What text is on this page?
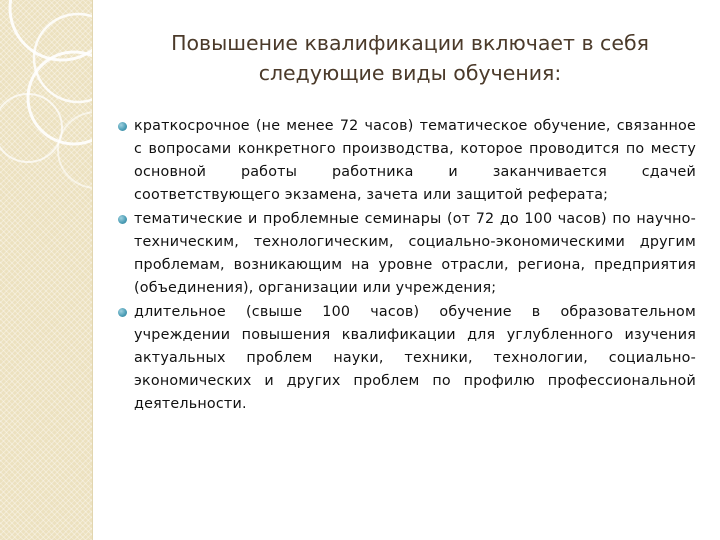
Повышение квалификации включает в себя
следующие виды обучения:
краткосрочное (не менее 72 часов) тематическое обучение, связанное с вопросами конкретного производства, которое проводится по месту основной работы работника и заканчивается сдачей соответствующего экзамена, зачета или защитой реферата;
тематические и проблемные семинары (от 72 до 100 часов) по научно-техническим, технологическим, социально-экономическими другим проблемам, возникающим на уровне отрасли, региона, предприятия (объединения), организации или учреждения;
длительное (свыше 100 часов) обучение в образовательном учреждении повышения квалификации для углубленного изучения актуальных проблем науки, техники, технологии, социально-экономических и других проблем по профилю профессиональной деятельности.
